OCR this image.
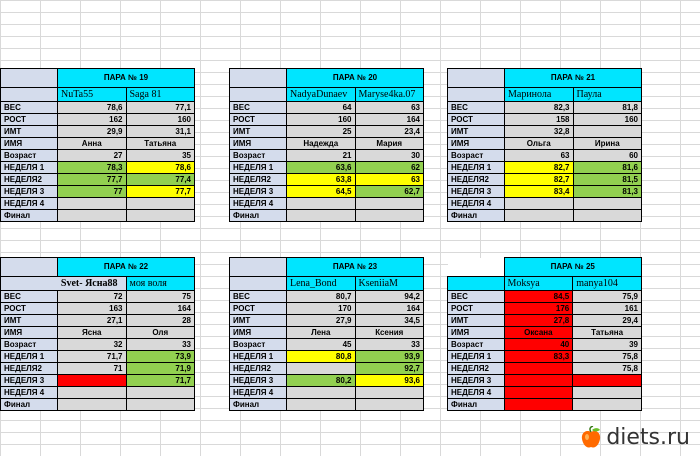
	ПАРА № 19	
	NuTa55	Saga 81
ВЕС	78,6	77,1
РОСТ	162	160
ИМТ	29,9	31,1
ИМЯ	Анна	Татьяна
Возраст	27	35
НЕДЕЛЯ 1	78,3	78,6
НЕДЕЛЯ2	77,7	77,4
НЕДЕЛЯ 3	77	77,7
НЕДЕЛЯ 4		
Финал		
	ПАРА № 20	
	NadyaDunaev	Maryse4ka.07
ВЕС	64	63
РОСТ	160	164
ИМТ	25	23,4
ИМЯ	Надежда	Мария
Возраст	21	30
НЕДЕЛЯ 1	63,6	62
НЕДЕЛЯ2	63,8	63
НЕДЕЛЯ 3	64,5	62,7
НЕДЕЛЯ 4		
Финал		
	ПАРА № 21	
	Маринола	Паула
ВЕС	82,3	81,8
РОСТ	158	160
ИМТ	32,8	
ИМЯ	Ольга	Ирина
Возраст	63	60
НЕДЕЛЯ 1	82,7	81,6
НЕДЕЛЯ2	82,7	81,5
НЕДЕЛЯ 3	83,4	81,3
НЕДЕЛЯ 4		
Финал		
	ПАРА № 22	
Svet- Ясна88		моя воля
ВЕС	72	75
РОСТ	163	164
ИМТ	27,1	28
ИМЯ	Ясна	Оля
Возраст	32	33
НЕДЕЛЯ 1	71,7	73,9
НЕДЕЛЯ2	71	71,9
НЕДЕЛЯ 3		71,7
НЕДЕЛЯ 4		
Финал		
	ПАРА № 23	
	Lena_Bond	KseniiaM
ВЕС	80,7	94,2
РОСТ	170	164
ИМТ	27,9	34,5
ИМЯ	Лена	Ксения
Возраст	45	33
НЕДЕЛЯ 1	80,8	93,9
НЕДЕЛЯ2		92,7
НЕДЕЛЯ 3	80,2	93,6
НЕДЕЛЯ 4		
Финал		
	ПАРА № 25	
	Moksya	manya104
ВЕС	84,5	75,9
РОСТ	176	161
ИМТ	27,8	29,4
ИМЯ	Оксана	Татьяна
Возраст	40	39
НЕДЕЛЯ 1	83,3	75,8
НЕДЕЛЯ2		75,8
НЕДЕЛЯ 3		
НЕДЕЛЯ 4		
Финал		
diets.ru
